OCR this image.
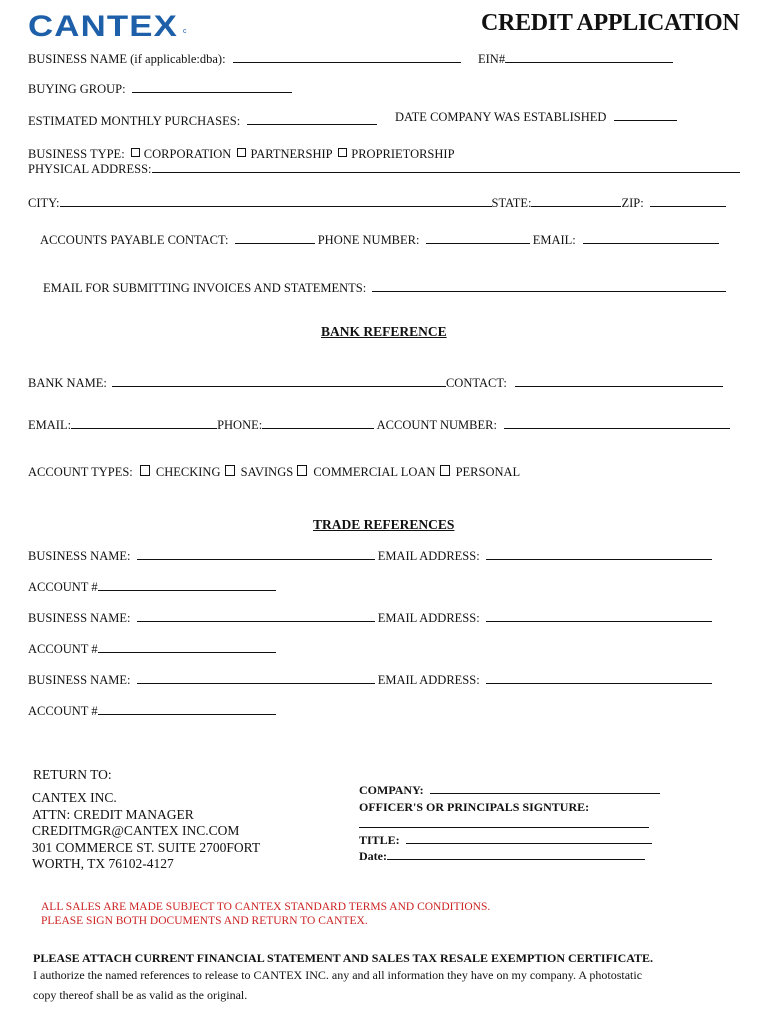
CANTEX c	CREDIT APPLICATION
BUSINESS NAME (if applicable:dba):	EIN#
BUYING GROUP:
ESTIMATED MONTHLY PURCHASES:	DATE COMPANY WAS ESTABLISHED
BUSINESS TYPE: CORPORATION PARTNERSHIP PROPRIETORSHIP
PHYSICAL ADDRESS:
CITY:	STATE:	ZIP:
ACCOUNTS PAYABLE CONTACT:	PHONE NUMBER:	EMAIL:
EMAIL FOR SUBMITTING INVOICES AND STATEMENTS:
BANK REFERENCE
BANK NAME:	CONTACT:
EMAIL:	PHONE:	ACCOUNT NUMBER:
ACCOUNT TYPES: CHECKING SAVINGS COMMERCIAL LOAN PERSONAL
TRADE REFERENCES
BUSINESS NAME:	EMAIL ADDRESS:
ACCOUNT #
BUSINESS NAME:	EMAIL ADDRESS:
ACCOUNT #
BUSINESS NAME:	EMAIL ADDRESS:
ACCOUNT #
RETURN TO:
CANTEX INC.
ATTN: CREDIT MANAGER
CREDITMGR@CANTEX INC.COM
301 COMMERCE ST. SUITE 2700FORT
WORTH, TX 76102-4127
COMPANY:
OFFICER'S OR PRINCIPALS SIGNTURE:
TITLE:
Date:
ALL SALES ARE MADE SUBJECT TO CANTEX STANDARD TERMS AND CONDITIONS.
PLEASE SIGN BOTH DOCUMENTS AND RETURN TO CANTEX.
PLEASE ATTACH CURRENT FINANCIAL STATEMENT AND SALES TAX RESALE EXEMPTION CERTIFICATE.
I authorize the named references to release to CANTEX INC. any and all information they have on my company. A photostatic
copy thereof shall be as valid as the original.
